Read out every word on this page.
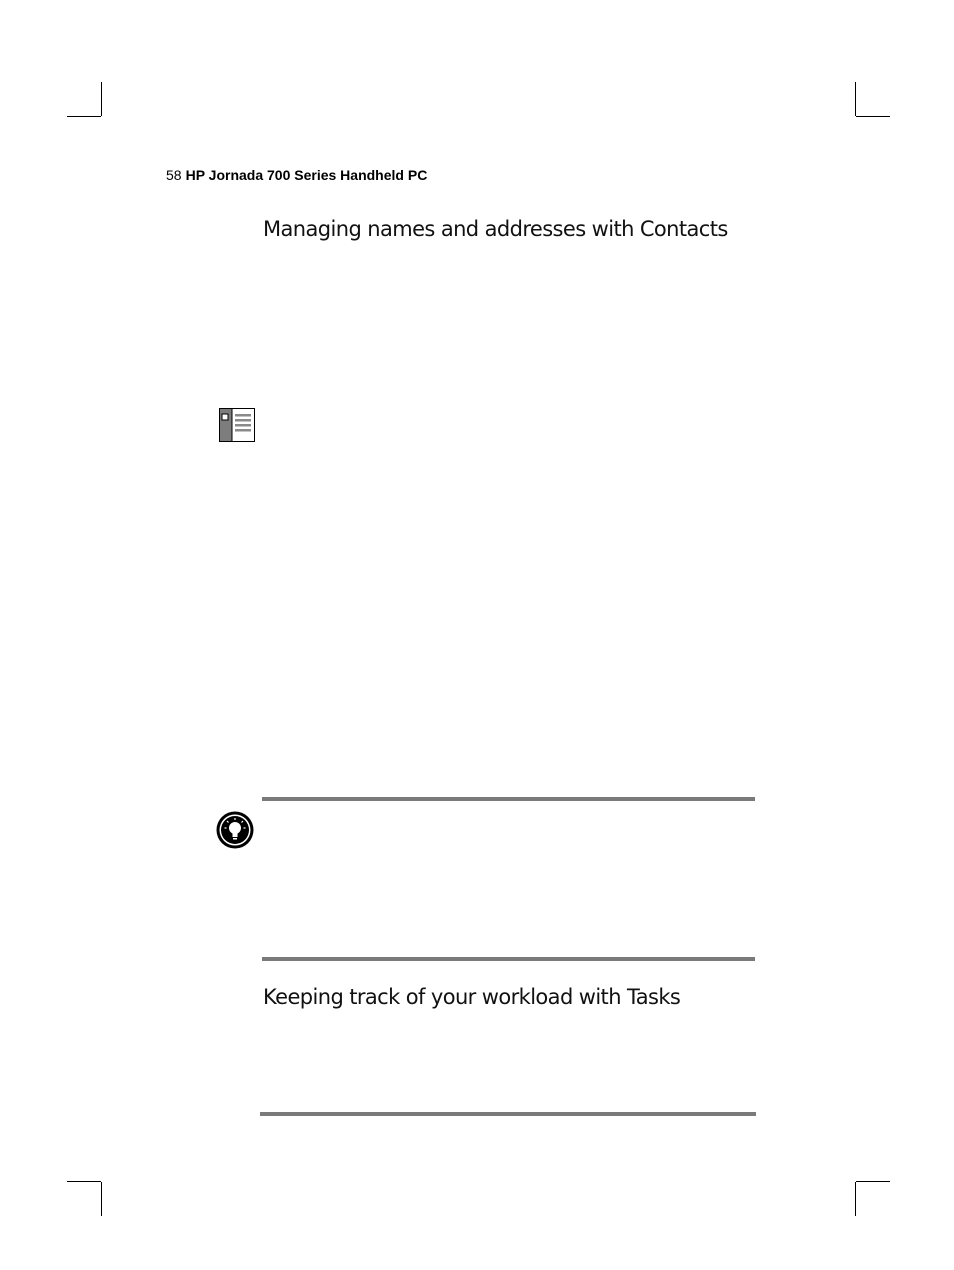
58 HP Jornada 700 Series Handheld PC
Managing names and addresses with Contacts
Keeping track of your workload with Tasks
